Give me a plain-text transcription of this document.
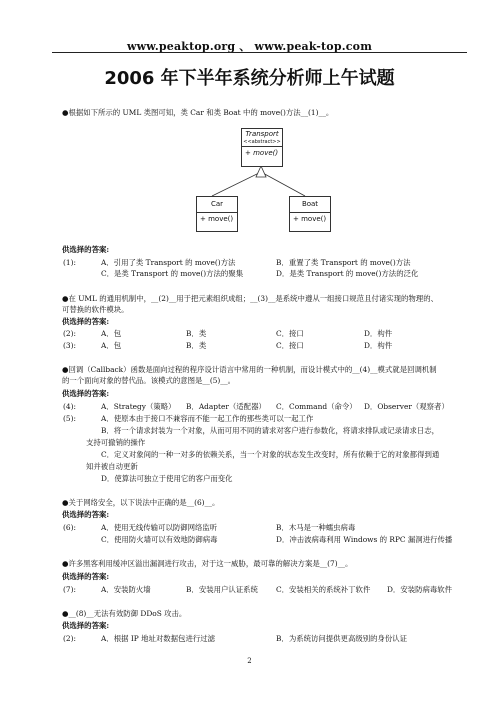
www.peaktop.org 、 www.peak-top.com
2006 年下半年系统分析师上午试题
●根据如下所示的 UML 类图可知，类 Car 和类 Boat 中的 move()方法__(1)__。
Transport
<<abstract>>
+ move()
Car
+ move()
Boat
+ move()
供选择的答案:
(1):	A．引用了类 Transport 的 move()方法	B．重置了类 Transport 的 move()方法
C．是类 Transport 的 move()方法的聚集	D．是类 Transport 的 move()方法的泛化
●在 UML 的通用机制中，__(2)__用于把元素组织成组；__(3)__是系统中遵从一组接口规范且付诸实现的物理的、
可替换的软件模块。
供选择的答案:
(2):	A．包	B．类	C．接口	D．构件
(3):	A．包	B．类	C．接口	D．构件
●回调（Callback）函数是面向过程的程序设计语言中常用的一种机制，而设计模式中的__(4)__模式就是回调机制
的一个面向对象的替代品。该模式的意图是__(5)__。
供选择的答案:
(4):	A．Strategy（策略） B．Adapter（适配器） C．Command（命令） D．Observer（观察者）
(5):	A．使原本由于接口不兼容而不能一起工作的那些类可以一起工作
B．将一个请求封装为一个对象，从而可用不同的请求对客户进行参数化，将请求排队或记录请求日志，
支持可撤销的操作
C．定义对象间的一种一对多的依赖关系，当一个对象的状态发生改变时，所有依赖于它的对象都得到通
知并被自动更新
D．使算法可独立于使用它的客户而变化
●关于网络安全，以下说法中正确的是__(6)__。
供选择的答案:
(6):	A．使用无线传输可以防御网络监听	B．木马是一种蠕虫病毒
C．使用防火墙可以有效地防御病毒	D．冲击波病毒利用 Windows 的 RPC 漏洞进行传播
●许多黑客利用缓冲区溢出漏洞进行攻击，对于这一威胁，最可靠的解决方案是__(7)__。
供选择的答案:
(7):	A．安装防火墙	B．安装用户认证系统 C．安装相关的系统补丁软件 D．安装防病毒软件
●__(8)__无法有效防御 DDoS 攻击。
供选择的答案:
(2):	A．根据 IP 地址对数据包进行过滤	B．为系统访问提供更高级别的身份认证
2
